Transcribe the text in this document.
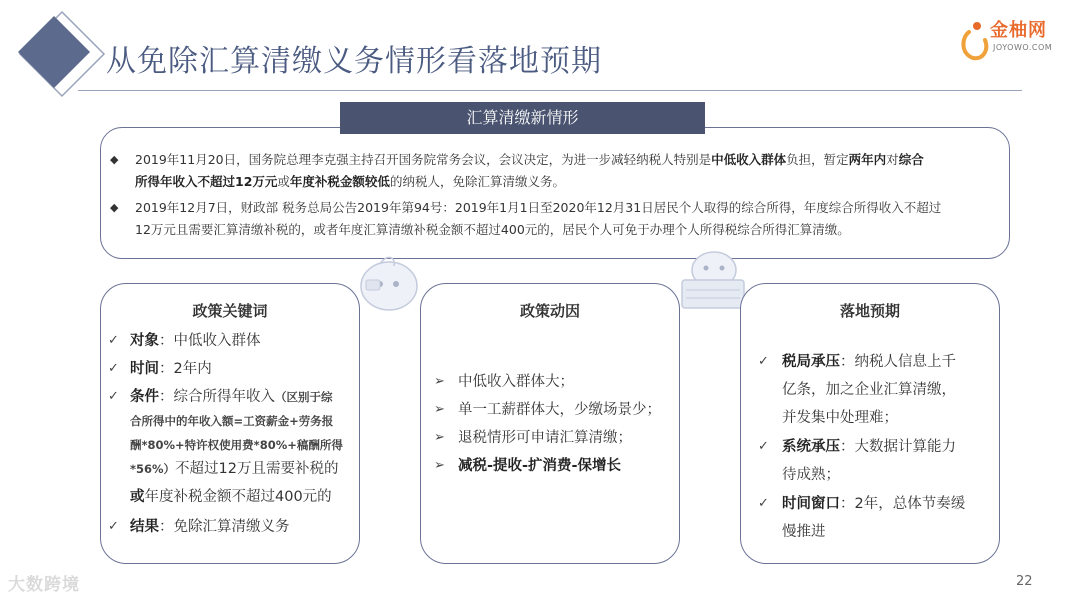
从免除汇算清缴义务情形看落地预期
金柚网
JOYOWO.COM
汇算清缴新情形
◆ 2019年11月20日，国务院总理李克强主持召开国务院常务会议，会议决定，为进一步减轻纳税人特别是中低收入群体负担，暂定两年内对综合
所得年收入不超过12万元或年度补税金额较低的纳税人，免除汇算清缴义务。
◆ 2019年12月7日，财政部 税务总局公告2019年第94号：2019年1月1日至2020年12月31日居民个人取得的综合所得，年度综合所得收入不超过
12万元且需要汇算清缴补税的，或者年度汇算清缴补税金额不超过400元的，居民个人可免于办理个人所得税综合所得汇算清缴。
政策关键词
✓ 对象：中低收入群体
✓ 时间：2年内
✓ 条件：综合所得年收入（区别于综
合所得中的年收入额=工资薪金+劳务报
酬*80%+特许权使用费*80%+稿酬所得
*56%）不超过12万且需要补税的
或年度补税金额不超过400元的
✓ 结果：免除汇算清缴义务
政策动因
➢ 中低收入群体大；
➢ 单一工薪群体大，少缴场景少；
➢ 退税情形可申请汇算清缴；
➢ 减税-提收-扩消费-保增长
落地预期
✓ 税局承压：纳税人信息上千
亿条，加之企业汇算清缴，
并发集中处理难；
✓ 系统承压：大数据计算能力
待成熟；
✓ 时间窗口：2年，总体节奏缓
慢推进
大数跨境	22
